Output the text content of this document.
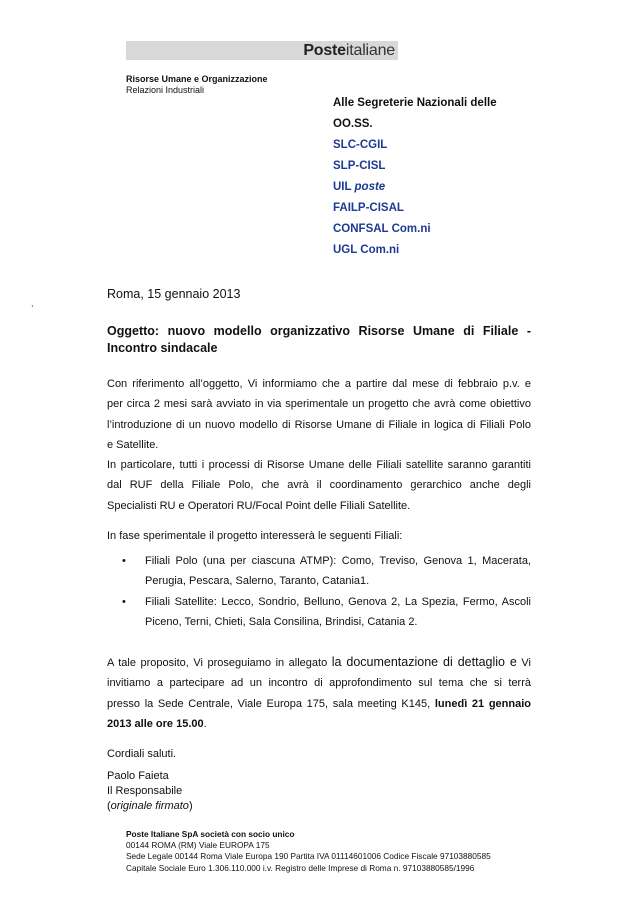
Posteitaliane
Risorse Umane e Organizzazione
Relazioni Industriali
Alle Segreterie Nazionali delle
OO.SS.
SLC-CGIL
SLP-CISL
UIL poste
FAILP-CISAL
CONFSAL Com.ni
UGL Com.ni
,
Roma, 15 gennaio 2013
Oggetto: nuovo modello organizzativo Risorse Umane di Filiale - Incontro sindacale
Con riferimento all’oggetto, Vi informiamo che a partire dal mese di febbraio p.v. e
per circa 2 mesi sarà avviato in via sperimentale un progetto che avrà come obiettivo
l’introduzione di un nuovo modello di Risorse Umane di Filiale in logica di Filiali Polo
e Satellite.
In particolare, tutti i processi di Risorse Umane delle Filiali satellite saranno garantiti
dal RUF della Filiale Polo, che avrà il coordinamento gerarchico anche degli
Specialisti RU e Operatori RU/Focal Point delle Filiali Satellite.
In fase sperimentale il progetto interesserà le seguenti Filiali:
• Filiali Polo (una per ciascuna ATMP): Como, Treviso, Genova 1, Macerata,
Perugia, Pescara, Salerno, Taranto, Catania1.
• Filiali Satellite: Lecco, Sondrio, Belluno, Genova 2, La Spezia, Fermo, Ascoli
Piceno, Terni, Chieti, Sala Consilina, Brindisi, Catania 2.
A tale proposito, Vi proseguiamo in allegato la documentazione di dettaglio e Vi
invitiamo a partecipare ad un incontro di approfondimento sul tema che si terrà
presso la Sede Centrale, Viale Europa 175, sala meeting K145, lunedì 21 gennaio
2013 alle ore 15.00.
Cordiali saluti.
Paolo Faieta
Il Responsabile
(originale firmato)
Poste Italiane SpA società con socio unico
00144 ROMA (RM) Viale EUROPA 175
Sede Legale 00144 Roma Viale Europa 190 Partita IVA 01114601006 Codice Fiscale 97103880585
Capitale Sociale Euro 1.306.110.000 i.v. Registro delle Imprese di Roma n. 97103880585/1996
